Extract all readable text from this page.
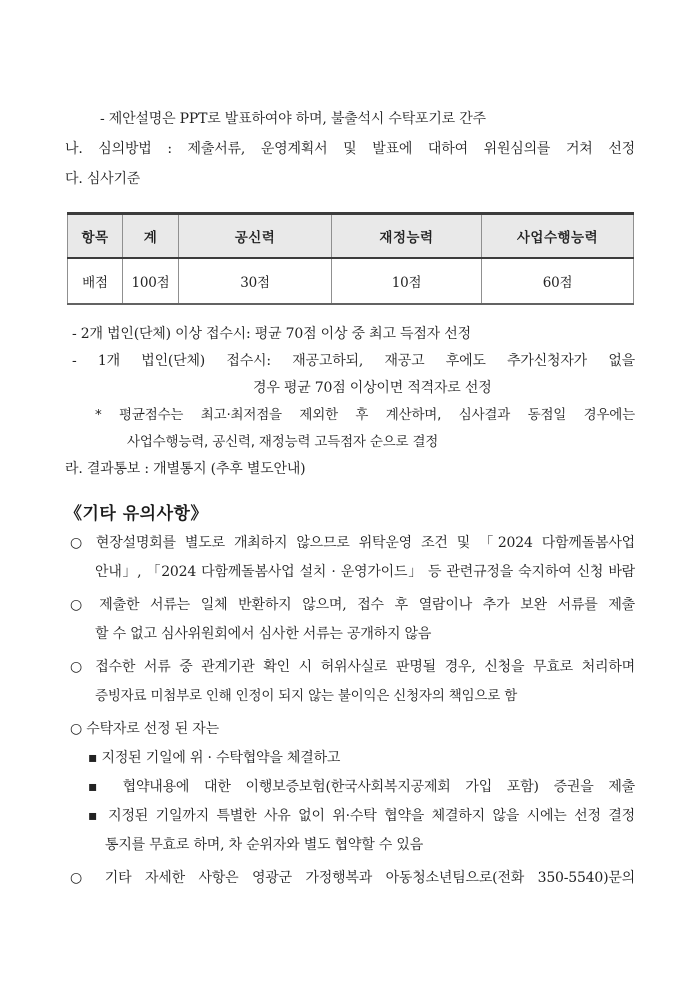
- 제안설명은 PPT로 발표하여야 하며, 불출석시 수탁포기로 간주
나. 심의방법 : 제출서류, 운영계획서 및 발표에 대하여 위원심의를 거쳐 선정
다. 심사기준
항목	계	공신력	재정능력	사업수행능력
배점	100점	30점	10점	60점
- 2개 법인(단체) 이상 접수시: 평균 70점 이상 중 최고 득점자 선정
- 1개 법인(단체) 접수시: 재공고하되, 재공고 후에도 추가신청자가 없을
경우 평균 70점 이상이면 적격자로 선정
* 평균점수는 최고·최저점을 제외한 후 계산하며, 심사결과 동점일 경우에는
사업수행능력, 공신력, 재정능력 고득점자 순으로 결정
라. 결과통보 : 개별통지 (추후 별도안내)
《기타 유의사항》
○ 현장설명회를 별도로 개최하지 않으므로 위탁운영 조건 및 「2024 다함께돌봄사업
안내」, 「2024 다함께돌봄사업 설치 · 운영가이드」 등 관련규정을 숙지하여 신청 바람
○ 제출한 서류는 일체 반환하지 않으며, 접수 후 열람이나 추가 보완 서류를 제출
할 수 없고 심사위원회에서 심사한 서류는 공개하지 않음
○ 접수한 서류 중 관계기관 확인 시 허위사실로 판명될 경우, 신청을 무효로 처리하며
증빙자료 미첨부로 인해 인정이 되지 않는 불이익은 신청자의 책임으로 함
○ 수탁자로 선정 된 자는
▪ 지정된 기일에 위 · 수탁협약을 체결하고
▪ 협약내용에 대한 이행보증보험(한국사회복지공제회 가입 포함) 증권을 제출
▪ 지정된 기일까지 특별한 사유 없이 위·수탁 협약을 체결하지 않을 시에는 선정 결정
통지를 무효로 하며, 차 순위자와 별도 협약할 수 있음
○ 기타 자세한 사항은 영광군 가정행복과 아동청소년팀으로(전화 350-5540)문의
